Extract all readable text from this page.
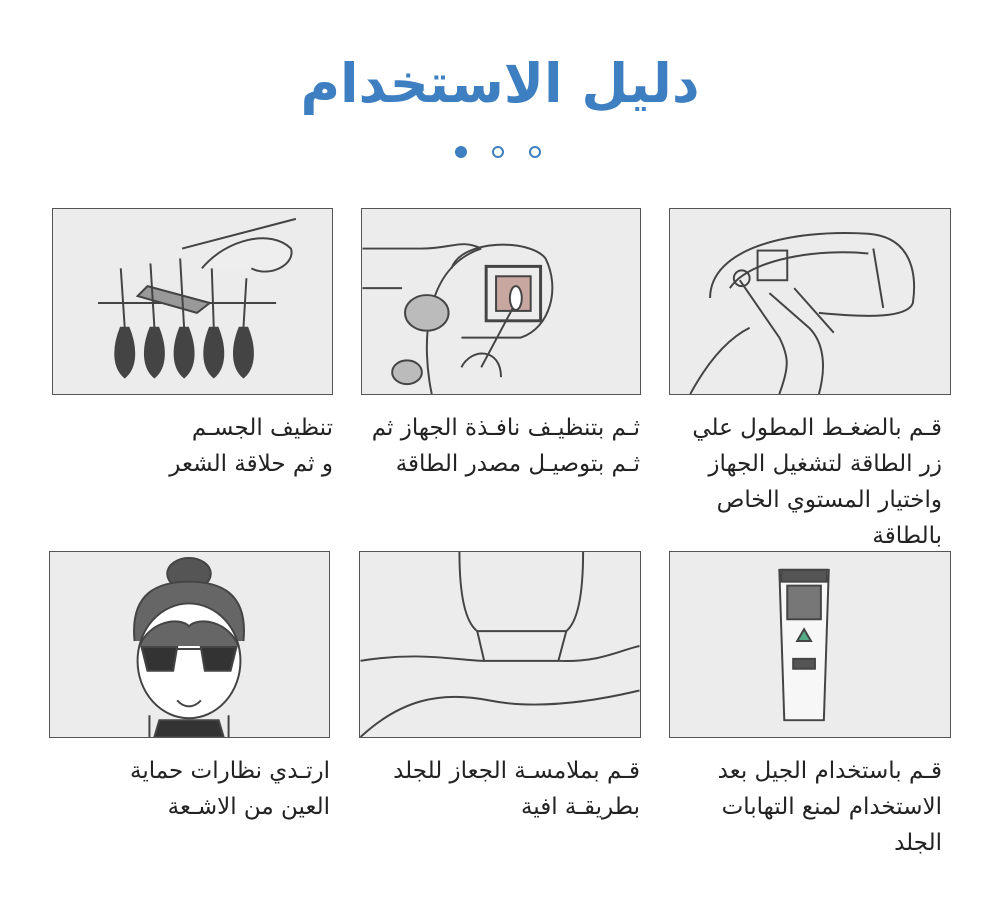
دليل الاستخدام
قـم بالضغـط المطول علي
زر الطاقة لتشغيل الجهاز
واختيار المستوي الخاص
بالطاقة
ثـم بتنظيـف نافـذة الجهاز ثم
ثـم بتوصيـل مصدر الطاقة
تنظيف الجسـم
و ثم حلاقة الشعر
قـم باستخدام الجيل بعد
الاستخدام لمنع التهابات
الجلد
قـم بملامسـة الجعاز للجلد
بطريقـة افية
ارتـدي نظارات حماية
العين من الاشـعة
